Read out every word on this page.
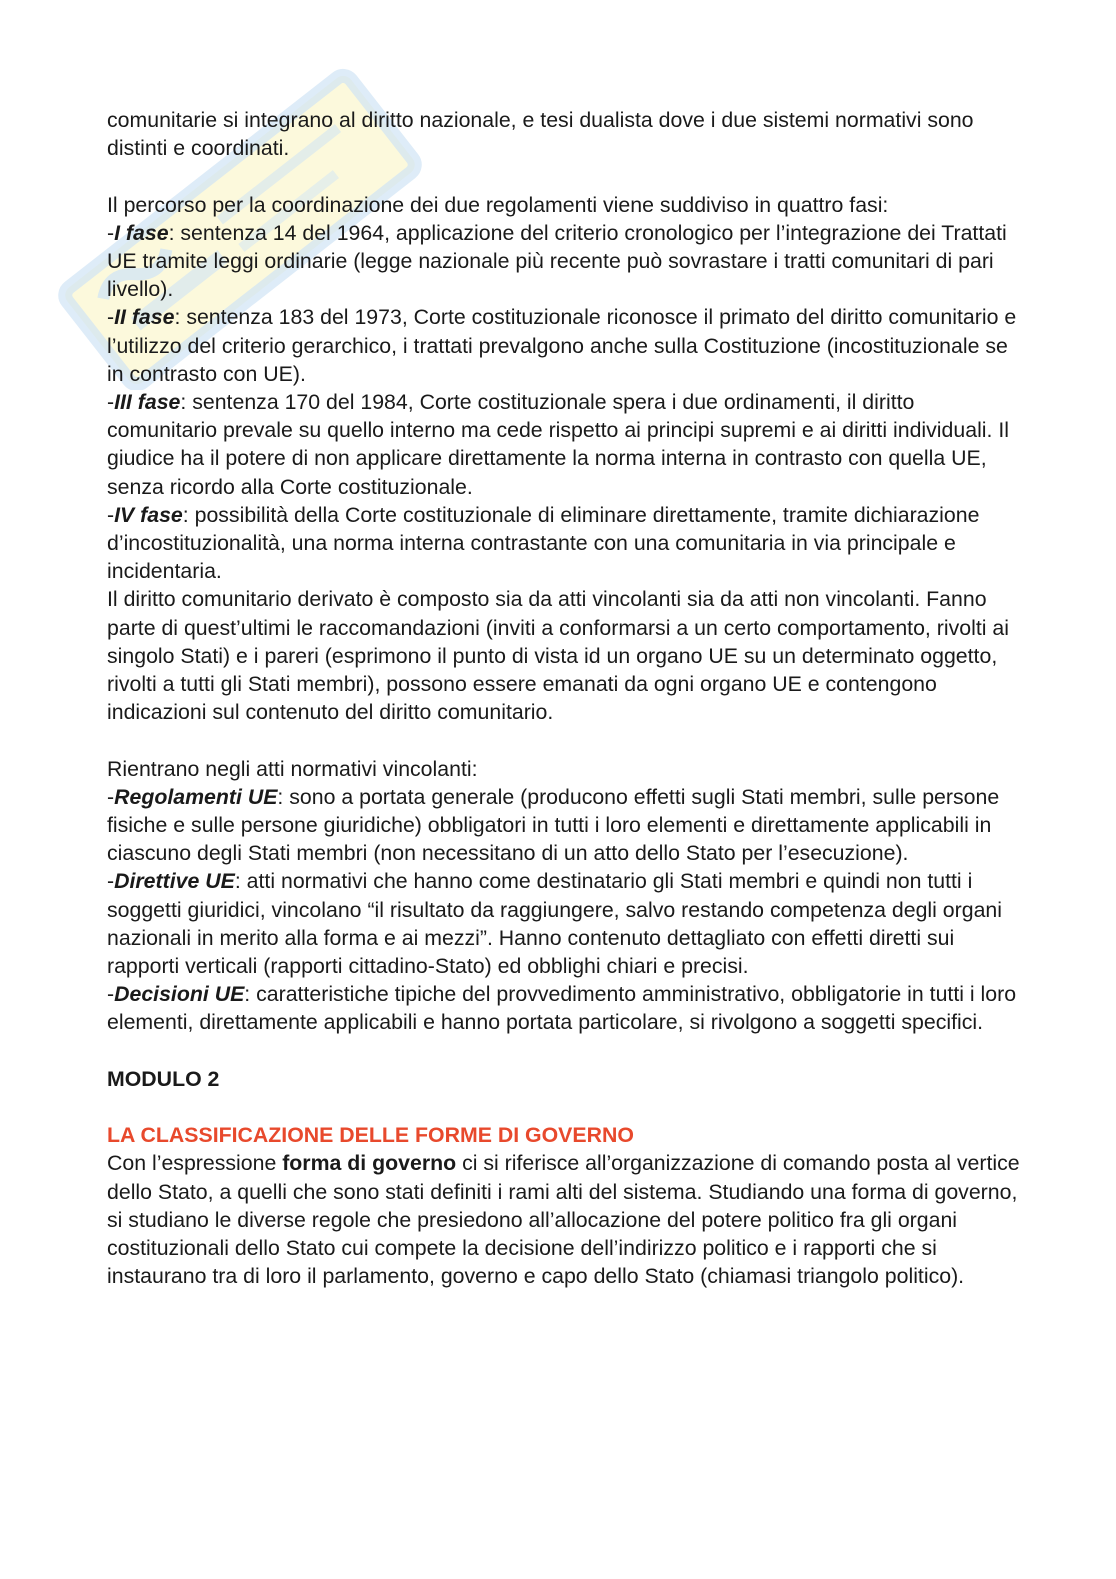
comunitarie si integrano al diritto nazionale, e tesi dualista dove i due sistemi normativi sono distinti e coordinati.

Il percorso per la coordinazione dei due regolamenti viene suddiviso in quattro fasi:

-I fase: sentenza 14 del 1964, applicazione del criterio cronologico per l’integrazione dei Trattati UE tramite leggi ordinarie (legge nazionale più recente può sovrastare i tratti comunitari di pari livello).

-II fase: sentenza 183 del 1973, Corte costituzionale riconosce il primato del diritto comunitario e l’utilizzo del criterio gerarchico, i trattati prevalgono anche sulla Costituzione (incostituzionale se in contrasto con UE).

-III fase: sentenza 170 del 1984, Corte costituzionale spera i due ordinamenti, il diritto comunitario prevale su quello interno ma cede rispetto ai principi supremi e ai diritti individuali. Il giudice ha il potere di non applicare direttamente la norma interna in contrasto con quella UE, senza ricordo alla Corte costituzionale.

-IV fase: possibilità della Corte costituzionale di eliminare direttamente, tramite dichiarazione d’incostituzionalità, una norma interna contrastante con una comunitaria in via principale e incidentaria.

Il diritto comunitario derivato è composto sia da atti vincolanti sia da atti non vincolanti. Fanno parte di quest’ultimi le raccomandazioni (inviti a conformarsi a un certo comportamento, rivolti ai singolo Stati) e i pareri (esprimono il punto di vista id un organo UE su un determinato oggetto, rivolti a tutti gli Stati membri), possono essere emanati da ogni organo UE e contengono indicazioni sul contenuto del diritto comunitario.

Rientrano negli atti normativi vincolanti:

-Regolamenti UE: sono a portata generale (producono effetti sugli Stati membri, sulle persone fisiche e sulle persone giuridiche) obbligatori in tutti i loro elementi e direttamente applicabili in ciascuno degli Stati membri (non necessitano di un atto dello Stato per l’esecuzione).

-Direttive UE: atti normativi che hanno come destinatario gli Stati membri e quindi non tutti i soggetti giuridici, vincolano “il risultato da raggiungere, salvo restando competenza degli organi nazionali in merito alla forma e ai mezzi”. Hanno contenuto dettagliato con effetti diretti sui rapporti verticali (rapporti cittadino-Stato) ed obblighi chiari e precisi.

-Decisioni UE: caratteristiche tipiche del provvedimento amministrativo, obbligatorie in tutti i loro elementi, direttamente applicabili e hanno portata particolare, si rivolgono a soggetti specifici.

MODULO 2

LA CLASSIFICAZIONE DELLE FORME DI GOVERNO

Con l’espressione forma di governo ci si riferisce all’organizzazione di comando posta al vertice dello Stato, a quelli che sono stati definiti i rami alti del sistema. Studiando una forma di governo, si studiano le diverse regole che presiedono all’allocazione del potere politico fra gli organi costituzionali dello Stato cui compete la decisione dell’indirizzo politico e i rapporti che si instaurano tra di loro il parlamento, governo e capo dello Stato (chiamasi triangolo politico).
